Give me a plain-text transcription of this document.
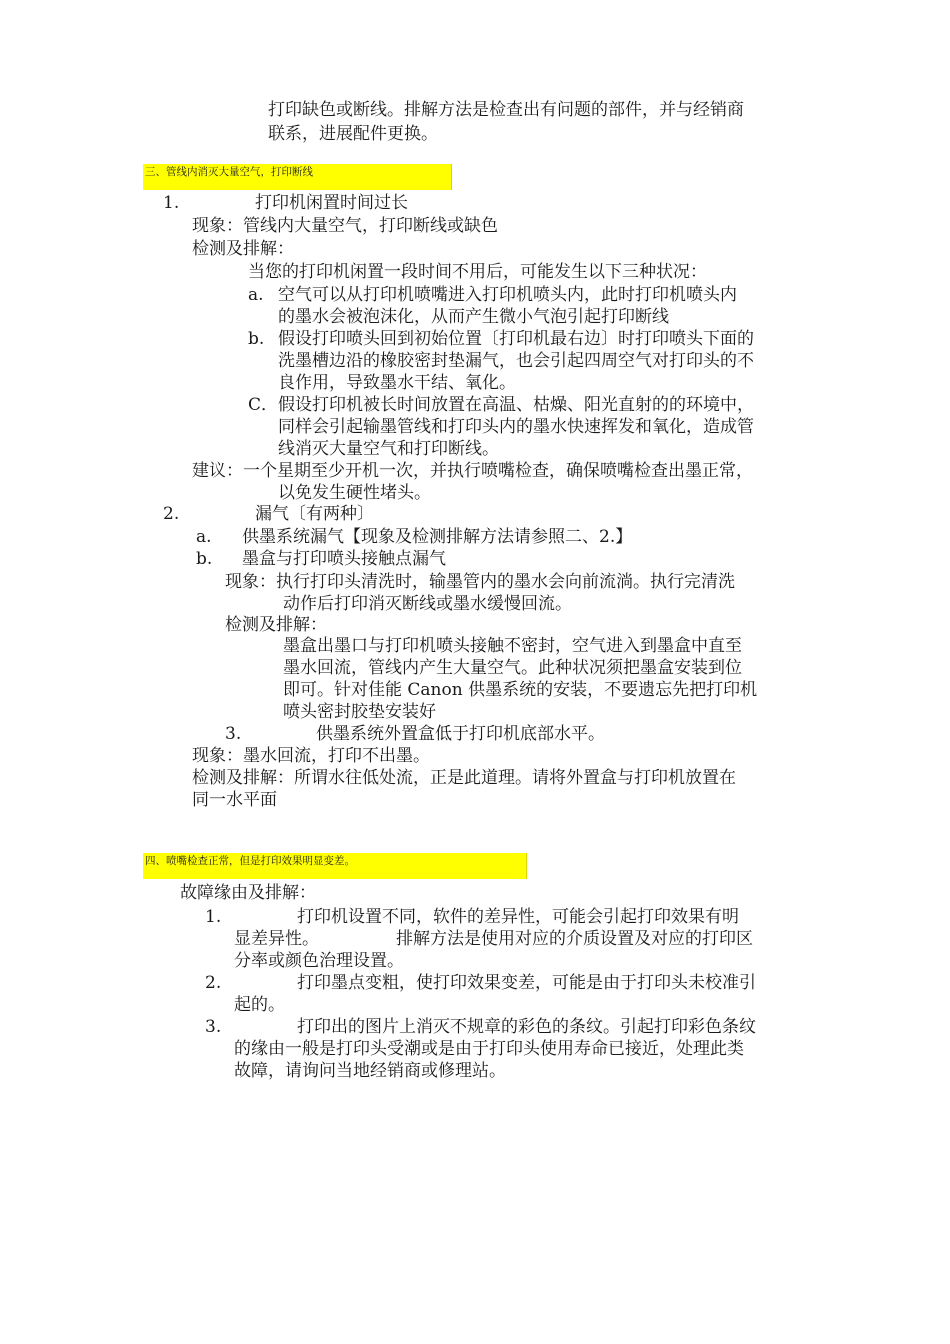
打印缺色或断线。排解方法是检查出有问题的部件，并与经销商
联系，进展配件更换。
三、管线内消灭大量空气，打印断线
1.	打印机闲置时间过长
现象：管线内大量空气，打印断线或缺色
检测及排解：
当您的打印机闲置一段时间不用后，可能发生以下三种状况：
a. 空气可以从打印机喷嘴进入打印机喷头内，此时打印机喷头内
的墨水会被泡沫化，从而产生微小气泡引起打印断线
b. 假设打印喷头回到初始位置〔打印机最右边〕时打印喷头下面的
洗墨槽边沿的橡胶密封垫漏气，也会引起四周空气对打印头的不
良作用，导致墨水干结、氧化。
C．假设打印机被长时间放置在高温、枯燥、阳光直射的的环境中，
同样会引起输墨管线和打印头内的墨水快速挥发和氧化，造成管
线消灭大量空气和打印断线。
建议：一个星期至少开机一次，并执行喷嘴检查，确保喷嘴检查出墨正常，
以免发生硬性堵头。
2.	漏气〔有两种〕
a. 供墨系统漏气【现象及检测排解方法请参照二、2.】
b. 墨盒与打印喷头接触点漏气
现象：执行打印头清洗时，输墨管内的墨水会向前流淌。执行完清洗
动作后打印消灭断线或墨水缓慢回流。
检测及排解：
墨盒出墨口与打印机喷头接触不密封，空气进入到墨盒中直至
墨水回流，管线内产生大量空气。此种状况须把墨盒安装到位
即可。针对佳能 Canon 供墨系统的安装，不要遗忘先把打印机
喷头密封胶垫安装好
3.	供墨系统外置盒低于打印机底部水平。
现象：墨水回流，打印不出墨。
检测及排解：所谓水往低处流，正是此道理。请将外置盒与打印机放置在
同一水平面
四、喷嘴检查正常，但是打印效果明显变差。
故障缘由及排解：
1.	打印机设置不同，软件的差异性，可能会引起打印效果有明
显差异性。	排解方法是使用对应的介质设置及对应的打印区
分率或颜色治理设置。
2.	打印墨点变粗，使打印效果变差，可能是由于打印头未校准引
起的。
3.	打印出的图片上消灭不规章的彩色的条纹。引起打印彩色条纹
的缘由一般是打印头受潮或是由于打印头使用寿命已接近，处理此类
故障，请询问当地经销商或修理站。
